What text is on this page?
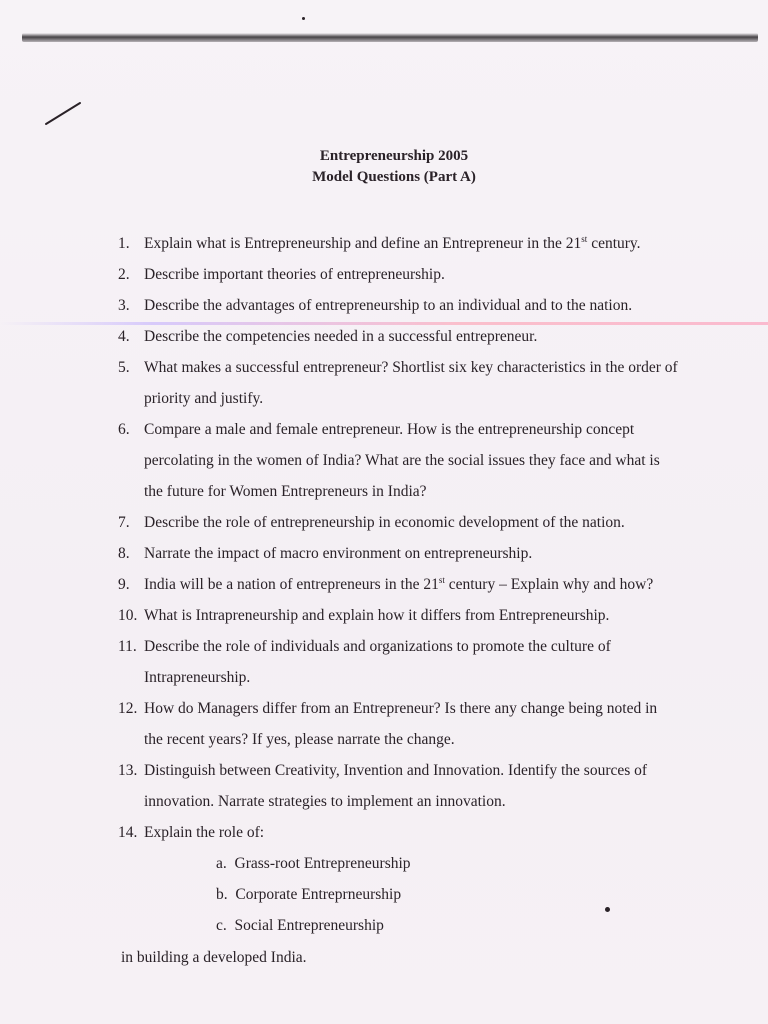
Entrepreneurship 2005
Model Questions (Part A)
1. Explain what is Entrepreneurship and define an Entrepreneur in the 21st century.
2. Describe important theories of entrepreneurship.
3. Describe the advantages of entrepreneurship to an individual and to the nation.
4. Describe the competencies needed in a successful entrepreneur.
5. What makes a successful entrepreneur? Shortlist six key characteristics in the order of priority and justify.
6. Compare a male and female entrepreneur. How is the entrepreneurship concept percolating in the women of India? What are the social issues they face and what is the future for Women Entrepreneurs in India?
7. Describe the role of entrepreneurship in economic development of the nation.
8. Narrate the impact of macro environment on entrepreneurship.
9. India will be a nation of entrepreneurs in the 21st century – Explain why and how?
10. What is Intrapreneurship and explain how it differs from Entrepreneurship.
11. Describe the role of individuals and organizations to promote the culture of Intrapreneurship.
12. How do Managers differ from an Entrepreneur? Is there any change being noted in the recent years? If yes, please narrate the change.
13. Distinguish between Creativity, Invention and Innovation. Identify the sources of innovation. Narrate strategies to implement an innovation.
14. Explain the role of:
a. Grass-root Entrepreneurship
b. Corporate Entreprneurship
c. Social Entrepreneurship
in building a developed India.
